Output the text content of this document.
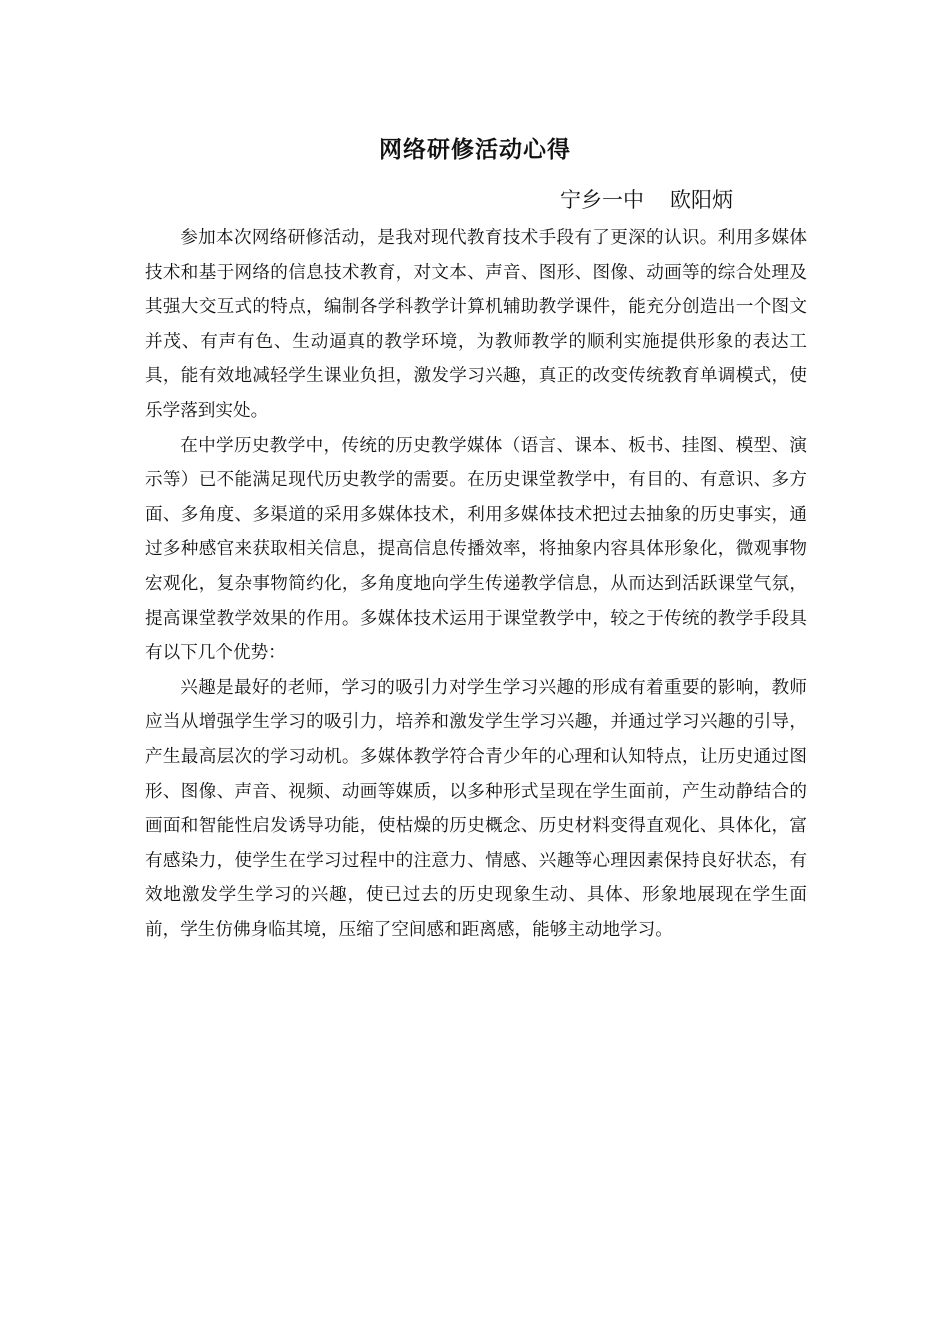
网络研修活动心得
宁乡一中 欧阳炳

参加本次网络研修活动，是我对现代教育技术手段有了更深的认识。利用多媒体技术和基于网络的信息技术教育，对文本、声音、图形、图像、动画等的综合处理及其强大交互式的特点，编制各学科教学计算机辅助教学课件，能充分创造出一个图文并茂、有声有色、生动逼真的教学环境，为教师教学的顺利实施提供形象的表达工具，能有效地减轻学生课业负担，激发学习兴趣，真正的改变传统教育单调模式，使乐学落到实处。

在中学历史教学中，传统的历史教学媒体（语言、课本、板书、挂图、模型、演示等）已不能满足现代历史教学的需要。在历史课堂教学中，有目的、有意识、多方面、多角度、多渠道的采用多媒体技术，利用多媒体技术把过去抽象的历史事实，通过多种感官来获取相关信息，提高信息传播效率，将抽象内容具体形象化，微观事物宏观化，复杂事物简约化，多角度地向学生传递教学信息，从而达到活跃课堂气氛，提高课堂教学效果的作用。多媒体技术运用于课堂教学中，较之于传统的教学手段具有以下几个优势：

兴趣是最好的老师，学习的吸引力对学生学习兴趣的形成有着重要的影响，教师应当从增强学生学习的吸引力，培养和激发学生学习兴趣，并通过学习兴趣的引导，产生最高层次的学习动机。多媒体教学符合青少年的心理和认知特点，让历史通过图形、图像、声音、视频、动画等媒质，以多种形式呈现在学生面前，产生动静结合的画面和智能性启发诱导功能，使枯燥的历史概念、历史材料变得直观化、具体化，富有感染力，使学生在学习过程中的注意力、情感、兴趣等心理因素保持良好状态，有效地激发学生学习的兴趣，使已过去的历史现象生动、具体、形象地展现在学生面前，学生仿佛身临其境，压缩了空间感和距离感，能够主动地学习。
